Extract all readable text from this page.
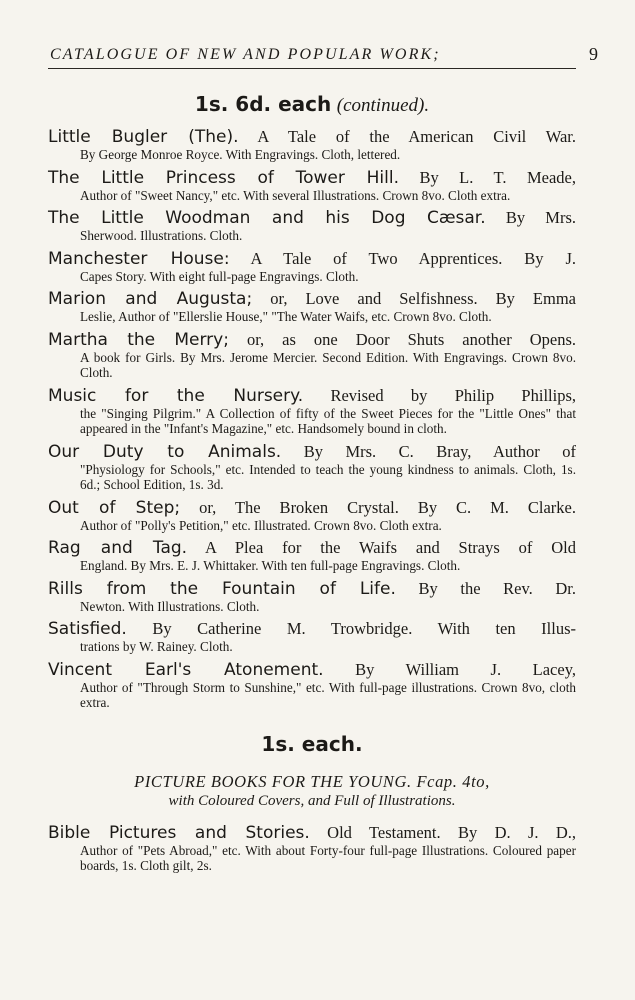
CATALOGUE OF NEW AND POPULAR WORK;	9
1s. 6d. each (continued).
Little Bugler (The). A Tale of the American Civil War.
By George Monroe Royce. With Engravings. Cloth, lettered.
The Little Princess of Tower Hill. By L. T. Meade,
Author of "Sweet Nancy," etc. With several Illustrations. Crown 8vo. Cloth extra.
The Little Woodman and his Dog Cæsar. By Mrs.
Sherwood. Illustrations. Cloth.
Manchester House: A Tale of Two Apprentices. By J.
Capes Story. With eight full-page Engravings. Cloth.
Marion and Augusta; or, Love and Selfishness. By Emma
Leslie, Author of "Ellerslie House," "The Water Waifs, etc. Crown 8vo. Cloth.
Martha the Merry; or, as one Door Shuts another Opens.
A book for Girls. By Mrs. Jerome Mercier. Second Edition. With Engravings. Crown 8vo. Cloth.
Music for the Nursery. Revised by Philip Phillips,
the "Singing Pilgrim." A Collection of fifty of the Sweet Pieces for the "Little Ones" that appeared in the "Infant's Magazine," etc. Handsomely bound in cloth.
Our Duty to Animals. By Mrs. C. Bray, Author of
"Physiology for Schools," etc. Intended to teach the young kindness to animals. Cloth, 1s. 6d.; School Edition, 1s. 3d.
Out of Step; or, The Broken Crystal. By C. M. Clarke.
Author of "Polly's Petition," etc. Illustrated. Crown 8vo. Cloth extra.
Rag and Tag. A Plea for the Waifs and Strays of Old
England. By Mrs. E. J. Whittaker. With ten full-page Engravings. Cloth.
Rills from the Fountain of Life. By the Rev. Dr.
Newton. With Illustrations. Cloth.
Satisfied. By Catherine M. Trowbridge. With ten Illus-
trations by W. Rainey. Cloth.
Vincent Earl's Atonement. By William J. Lacey,
Author of "Through Storm to Sunshine," etc. With full-page illustrations. Crown 8vo, cloth extra.
1s. each.
PICTURE BOOKS FOR THE YOUNG. Fcap. 4to,
with Coloured Covers, and Full of Illustrations.
Bible Pictures and Stories. Old Testament. By D. J. D.,
Author of "Pets Abroad," etc. With about Forty-four full-page Illustrations. Coloured paper boards, 1s. Cloth gilt, 2s.
